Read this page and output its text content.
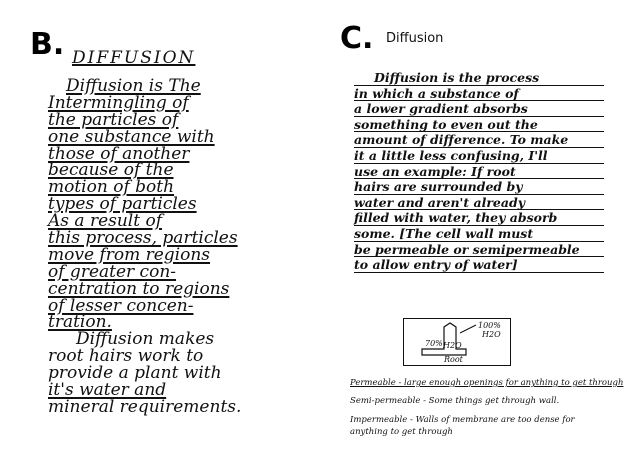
B. DIFFUSION
Diffusion is The
Intermingling of
the particles of
one substance with
those of another
because of the
motion of both
types of particles
As a result of
this process, particles
move from regions
of greater con-
centration to regions
of lesser concen-
tration.
Diffusion makes
root hairs work to
provide a plant with
it's water and
mineral requirements.
C. Diffusion
Diffusion is the process
in which a substance of
a lower gradient absorbs
something to even out the
amount of difference. To make
it a little less confusing, I'll
use an example: If root
hairs are surrounded by
water and aren't already
filled with water, they absorb
some. [The cell wall must
be permeable or semipermeable
to allow entry of water]
100%
H2O
70% H2O
Root
Permeable - large enough openings for anything to get through
Semi-permeable - Some things get through wall.
Impermeable - Walls of membrane are too dense for
anything to get through
